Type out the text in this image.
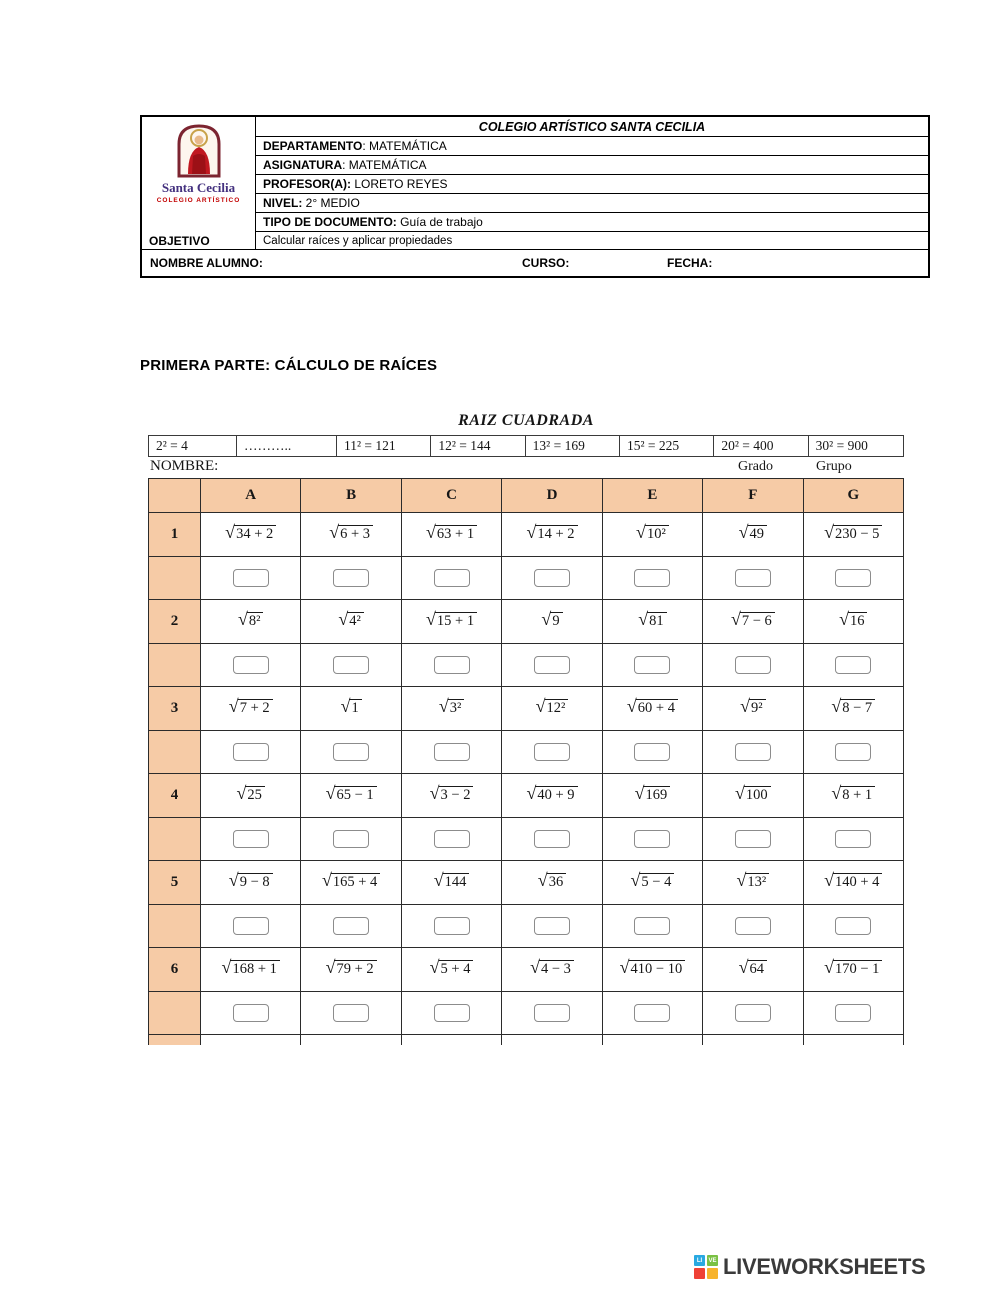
Santa Cecilia
COLEGIO ARTÍSTICO
COLEGIO ARTÍSTICO SANTA CECILIA
DEPARTAMENTO : MATEMÁTICA
ASIGNATURA : MATEMÁTICA
PROFESOR(A): LORETO REYES
NIVEL: 2° MEDIO
TIPO DE DOCUMENTO: Guía de trabajo
OBJETIVO	Calcular raíces y aplicar propiedades
NOMBRE ALUMNO:	CURSO:	FECHA:
PRIMERA PARTE: CÁLCULO DE RAÍCES
RAIZ CUADRADA
2² = 4	………..	11² = 121	12² = 144	13² = 169	15² = 225	20² = 400	30² = 900
NOMBRE:	Grado	Grupo
A	B	C	D	E	F	G
1	√ 34 + 2	√ 6 + 3	√ 63 + 1	√ 14 + 2	√ 10²	√ 49	√ 230 − 5
2	√ 8²	√ 4²	√ 15 + 1	√ 9	√ 81	√ 7 − 6	√ 16
3	√ 7 + 2	√ 1	√ 3²	√ 12²	√ 60 + 4	√ 9²	√ 8 − 7
4	√ 25	√ 65 − 1	√ 3 − 2	√ 40 + 9	√ 169	√ 100	√ 8 + 1
5	√ 9 − 8	√ 165 + 4	√ 144	√ 36	√ 5 − 4	√ 13²	√ 140 + 4
6	√ 168 + 1	√ 79 + 2	√ 5 + 4	√ 4 − 3	√ 410 − 10	√ 64	√ 170 − 1
LI	VE LIVEWORKSHEETS
